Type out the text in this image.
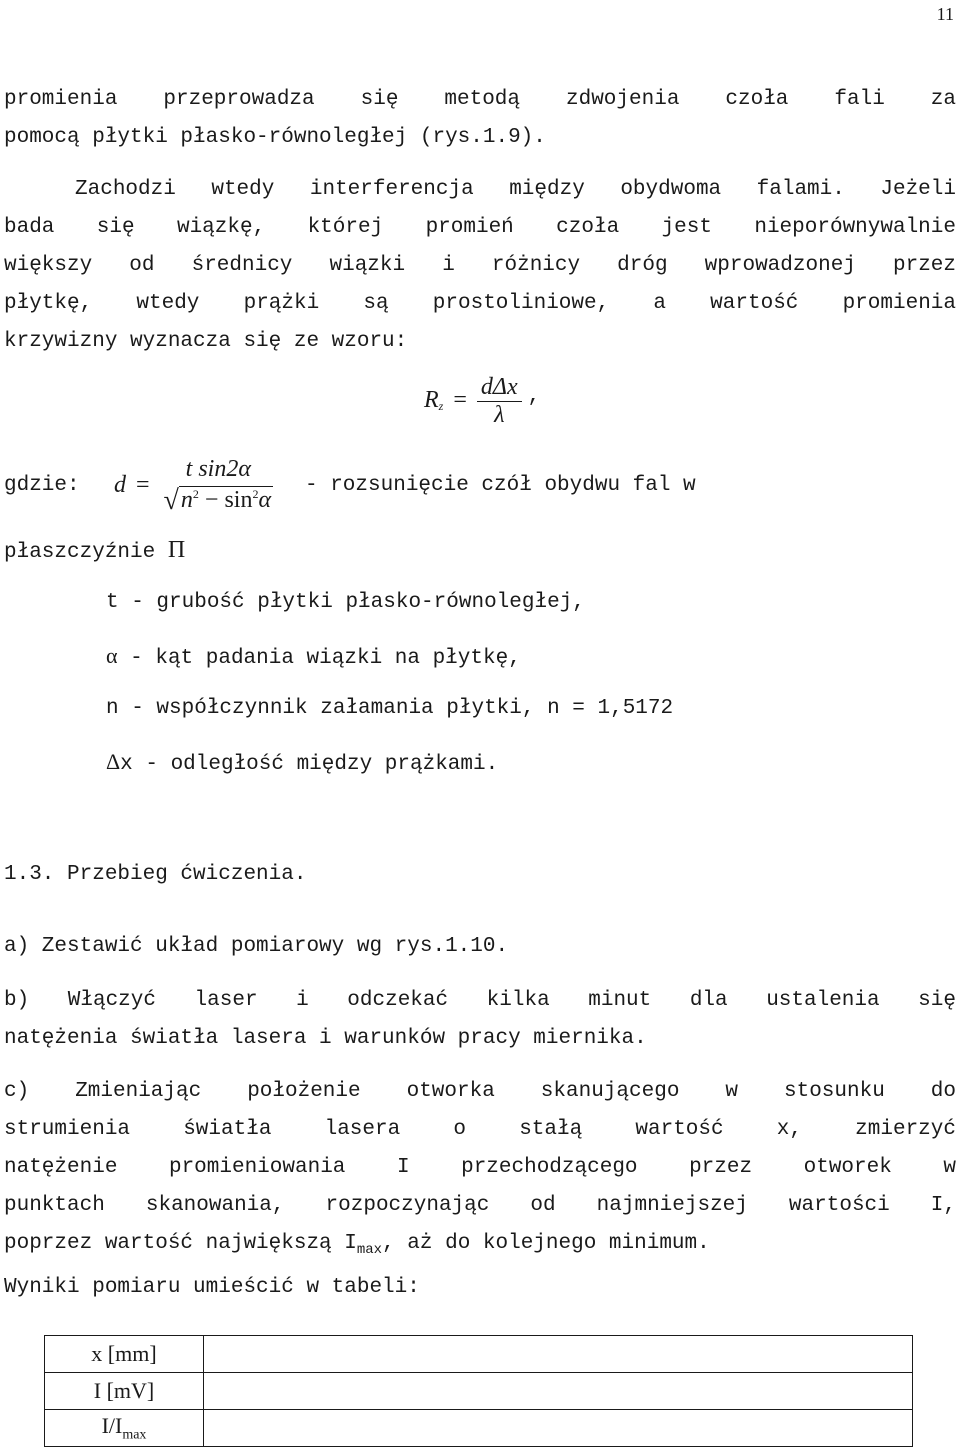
11
promienia przeprowadza się metodą zdwojenia czoła fali za
pomocą płytki płasko-równoległej (rys.1.9).
Zachodzi wtedy interferencja między obydwoma falami. Jeżeli
bada się wiązkę, której promień czoła jest nieporównywalnie
większy od średnicy wiązki i różnicy dróg wprowadzonej przez
płytkę, wtedy prążki są prostoliniowe, a wartość promienia
krzywizny wyznacza się ze wzoru:
$R_z = \frac{\text{dΔx}}{\lambda}$ ,
gdzie: d =
t sin2α
$√n^2 - \sin^2\alpha$
- rozsunięcie czół obydwu fal w
płaszczyźnie Π
t - grubość płytki płasko-równoległej,
α - kąt padania wiązki na płytkę,
n - współczynnik załamania płytki, n = 1,5172
Δx - odległość między prążkami.
1.3. Przebieg ćwiczenia.
a) Zestawić układ pomiarowy wg rys.1.10.
b) Włączyć laser i odczekać kilka minut dla ustalenia się
natężenia światła lasera i warunków pracy miernika.
c) Zmieniając położenie otworka skanującego w stosunku do
strumienia światła lasera o stałą wartość x, zmierzyć
natężenie promieniowania I przechodzącego przez otworek w
punktach skanowania, rozpoczynając od najmniejszej wartości I,
poprzez wartość największą $I_{max}$, aż do kolejnego minimum.
Wyniki pomiaru umieścić w tabeli:
x [mm]	
I [mV]	
$I/I_{max}$	
